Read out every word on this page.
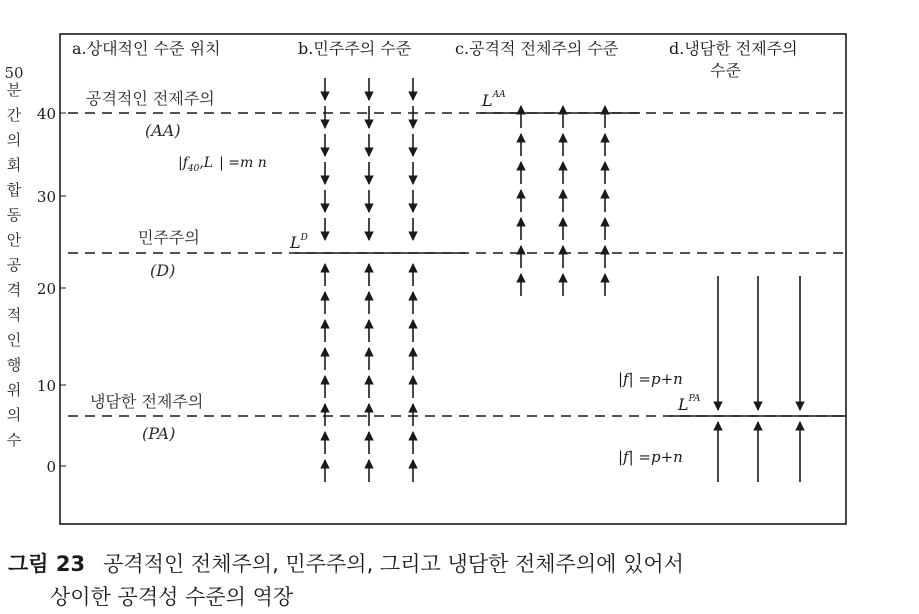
50
분
간
의
회
합
동
안
공
격
적
인
행
위
의
수
40
30
20
10
0
a.상대적인 수준 위치	b.민주주의 수준	c.공격적 전체주의 수준	d.냉담한 전제주의
수준
공격적인 전제주의
(AA)
민주주의
(D)
냉담한 전제주의
(PA)
$|f_{40},L$ | =m n
$L^D$
$L^{AA}$
$L^{PA}$
|f| =p+n
|f| =p+n
그림 23 공격적인 전체주의, 민주주의, 그리고 냉담한 전체주의에 있어서
상이한 공격성 수준의 역장
